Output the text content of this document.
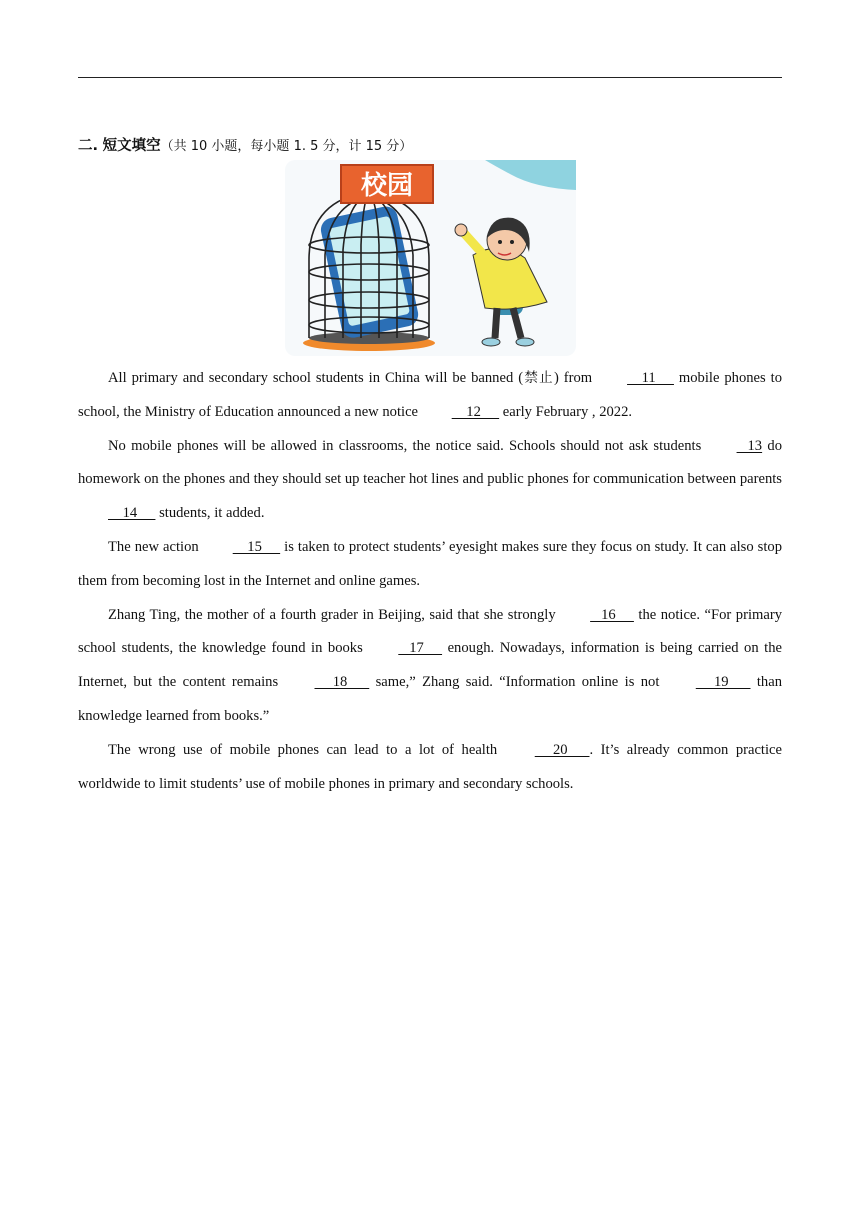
二. 短文填空（共 10 小题，每小题 1. 5 分，计 15 分）
校园

All primary and secondary school students in China will be banned (禁止) from     11      mobile phones to school, the Ministry of Education announced a new notice     12      early February , 2022.

No mobile phones will be allowed in classrooms, the notice said. Schools should not ask students    13 do homework on the phones and they should set up teacher hot lines and public phones for communication between parents     14      students, it added.

The new action     15      is taken to protect students’ eyesight makes sure they focus on study. It can also stop them from becoming lost in the Internet and online games.

Zhang Ting, the mother of a fourth grader in Beijing, said that she strongly    16      the notice. “For primary school students, the knowledge found in books    17      enough. Nowadays, information is being carried on the Internet, but the content remains      18       same,” Zhang said. “Information online is not      19       than knowledge learned from books.”

The wrong use of mobile phones can lead to a lot of health      20      . It’s already common practice worldwide to limit students’ use of mobile phones in primary and secondary schools.
